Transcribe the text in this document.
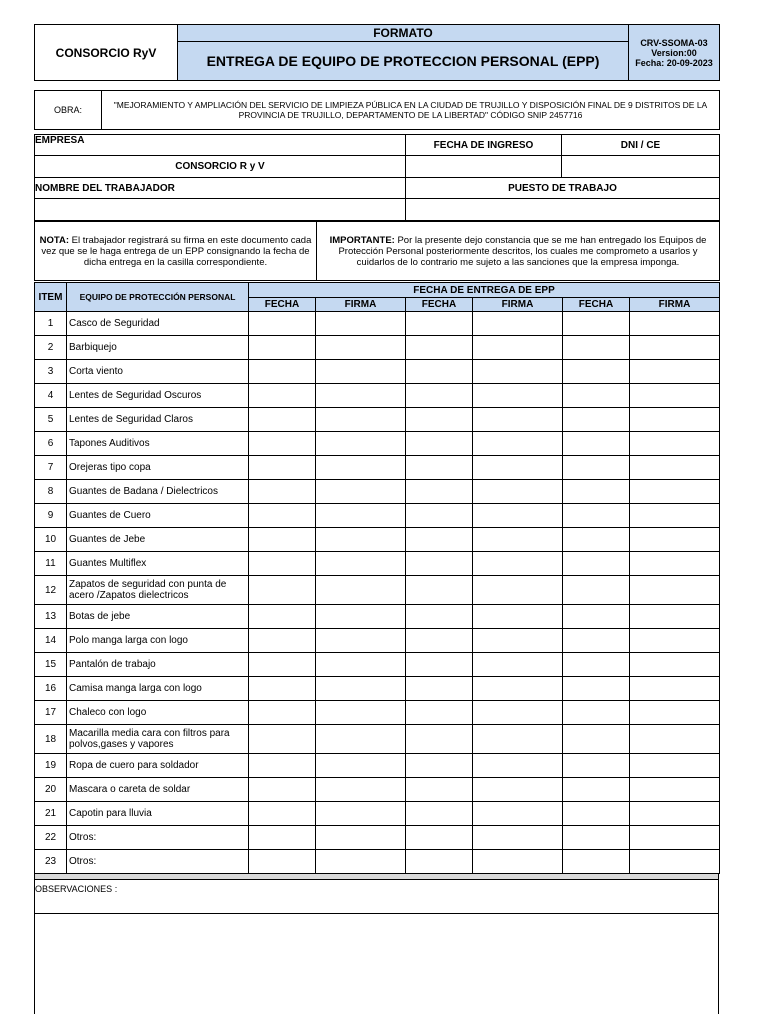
CONSORCIO RyV	FORMATO	
CRV-SSOMA-03
Version:00
Fecha: 20-09-2023

ENTREGA DE EQUIPO DE PROTECCION PERSONAL (EPP)
OBRA:	"MEJORAMIENTO Y AMPLIACIÓN DEL SERVICIO DE LIMPIEZA PÚBLICA EN LA CIUDAD DE TRUJILLO Y DISPOSICIÓN FINAL DE 9 DISTRITOS DE LA PROVINCIA DE TRUJILLO, DEPARTAMENTO DE LA LIBERTAD" CÓDIGO SNIP 2457716
EMPRESA	FECHA DE INGRESO	DNI / CE
CONSORCIO R y V		
NOMBRE DEL TRABAJADOR	PUESTO DE TRABAJO	

NOTA: El trabajador registrará su firma en este documento cada vez que se le haga entrega de un EPP consignando la fecha de dicha entrega en la casilla correspondiente.	IMPORTANTE: Por la presente dejo constancia que se me han entregado los Equipos de Protección Personal posteriormente descritos, los cuales me comprometo a usarlos y cuidarlos de lo contrario me sujeto a las sanciones que la empresa imponga.
ITEM	EQUIPO DE PROTECCIÓN PERSONAL	FECHA DE ENTREGA DE EPP					
		FECHA	FIRMA	FECHA	FIRMA	FECHA	FIRMA
1	Casco de Seguridad						
2	Barbiquejo						
3	Corta viento						
4	Lentes de Seguridad Oscuros						
5	Lentes de Seguridad Claros						
6	Tapones Auditivos						
7	Orejeras tipo copa						
8	Guantes de Badana / Dielectricos						
9	Guantes de Cuero						
10	Guantes de Jebe						
11	Guantes Multiflex						
12	Zapatos de seguridad con punta de acero /Zapatos dielectricos						
13	Botas de jebe						
14	Polo manga larga con logo						
15	Pantalón de trabajo						
16	Camisa manga larga con logo						
17	Chaleco con logo						
18	Macarilla media cara con filtros para polvos,gases y vapores						
19	Ropa de cuero para soldador						
20	Mascara o careta de soldar						
21	Capotin para lluvia						
22	Otros:						
23	Otros:						
OBSERVACIONES :
